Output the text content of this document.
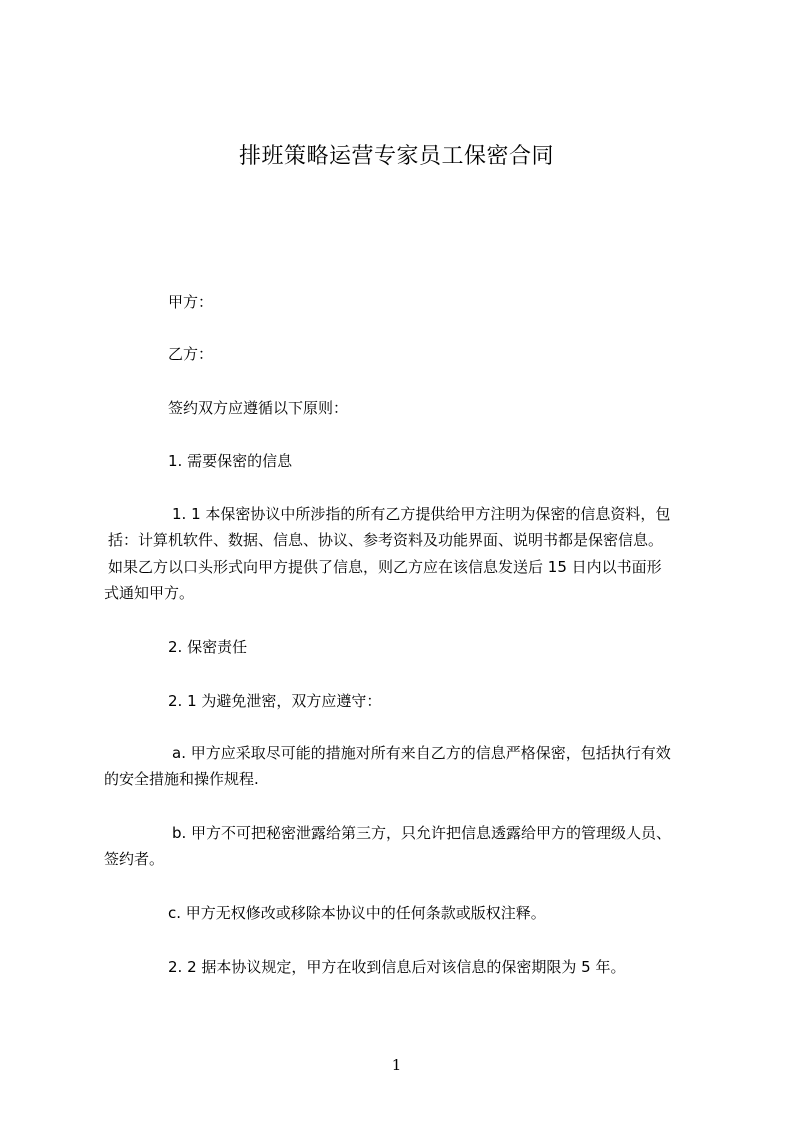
排班策略运营专家员工保密合同
甲方：
乙方：
签约双方应遵循以下原则：
1. 需要保密的信息
1. 1 本保密协议中所涉指的所有乙方提供给甲方注明为保密的信息资料，包
括：计算机软件、数据、信息、协议、参考资料及功能界面、说明书都是保密信息。
如果乙方以口头形式向甲方提供了信息，则乙方应在该信息发送后 15 日内以书面形
式通知甲方。
2. 保密责任
2. 1 为避免泄密，双方应遵守：
a. 甲方应采取尽可能的措施对所有来自乙方的信息严格保密，包括执行有效
的安全措施和操作规程.
b. 甲方不可把秘密泄露给第三方，只允许把信息透露给甲方的管理级人员、
签约者。
c. 甲方无权修改或移除本协议中的任何条款或版权注释。
2. 2 据本协议规定，甲方在收到信息后对该信息的保密期限为 5 年。
1
